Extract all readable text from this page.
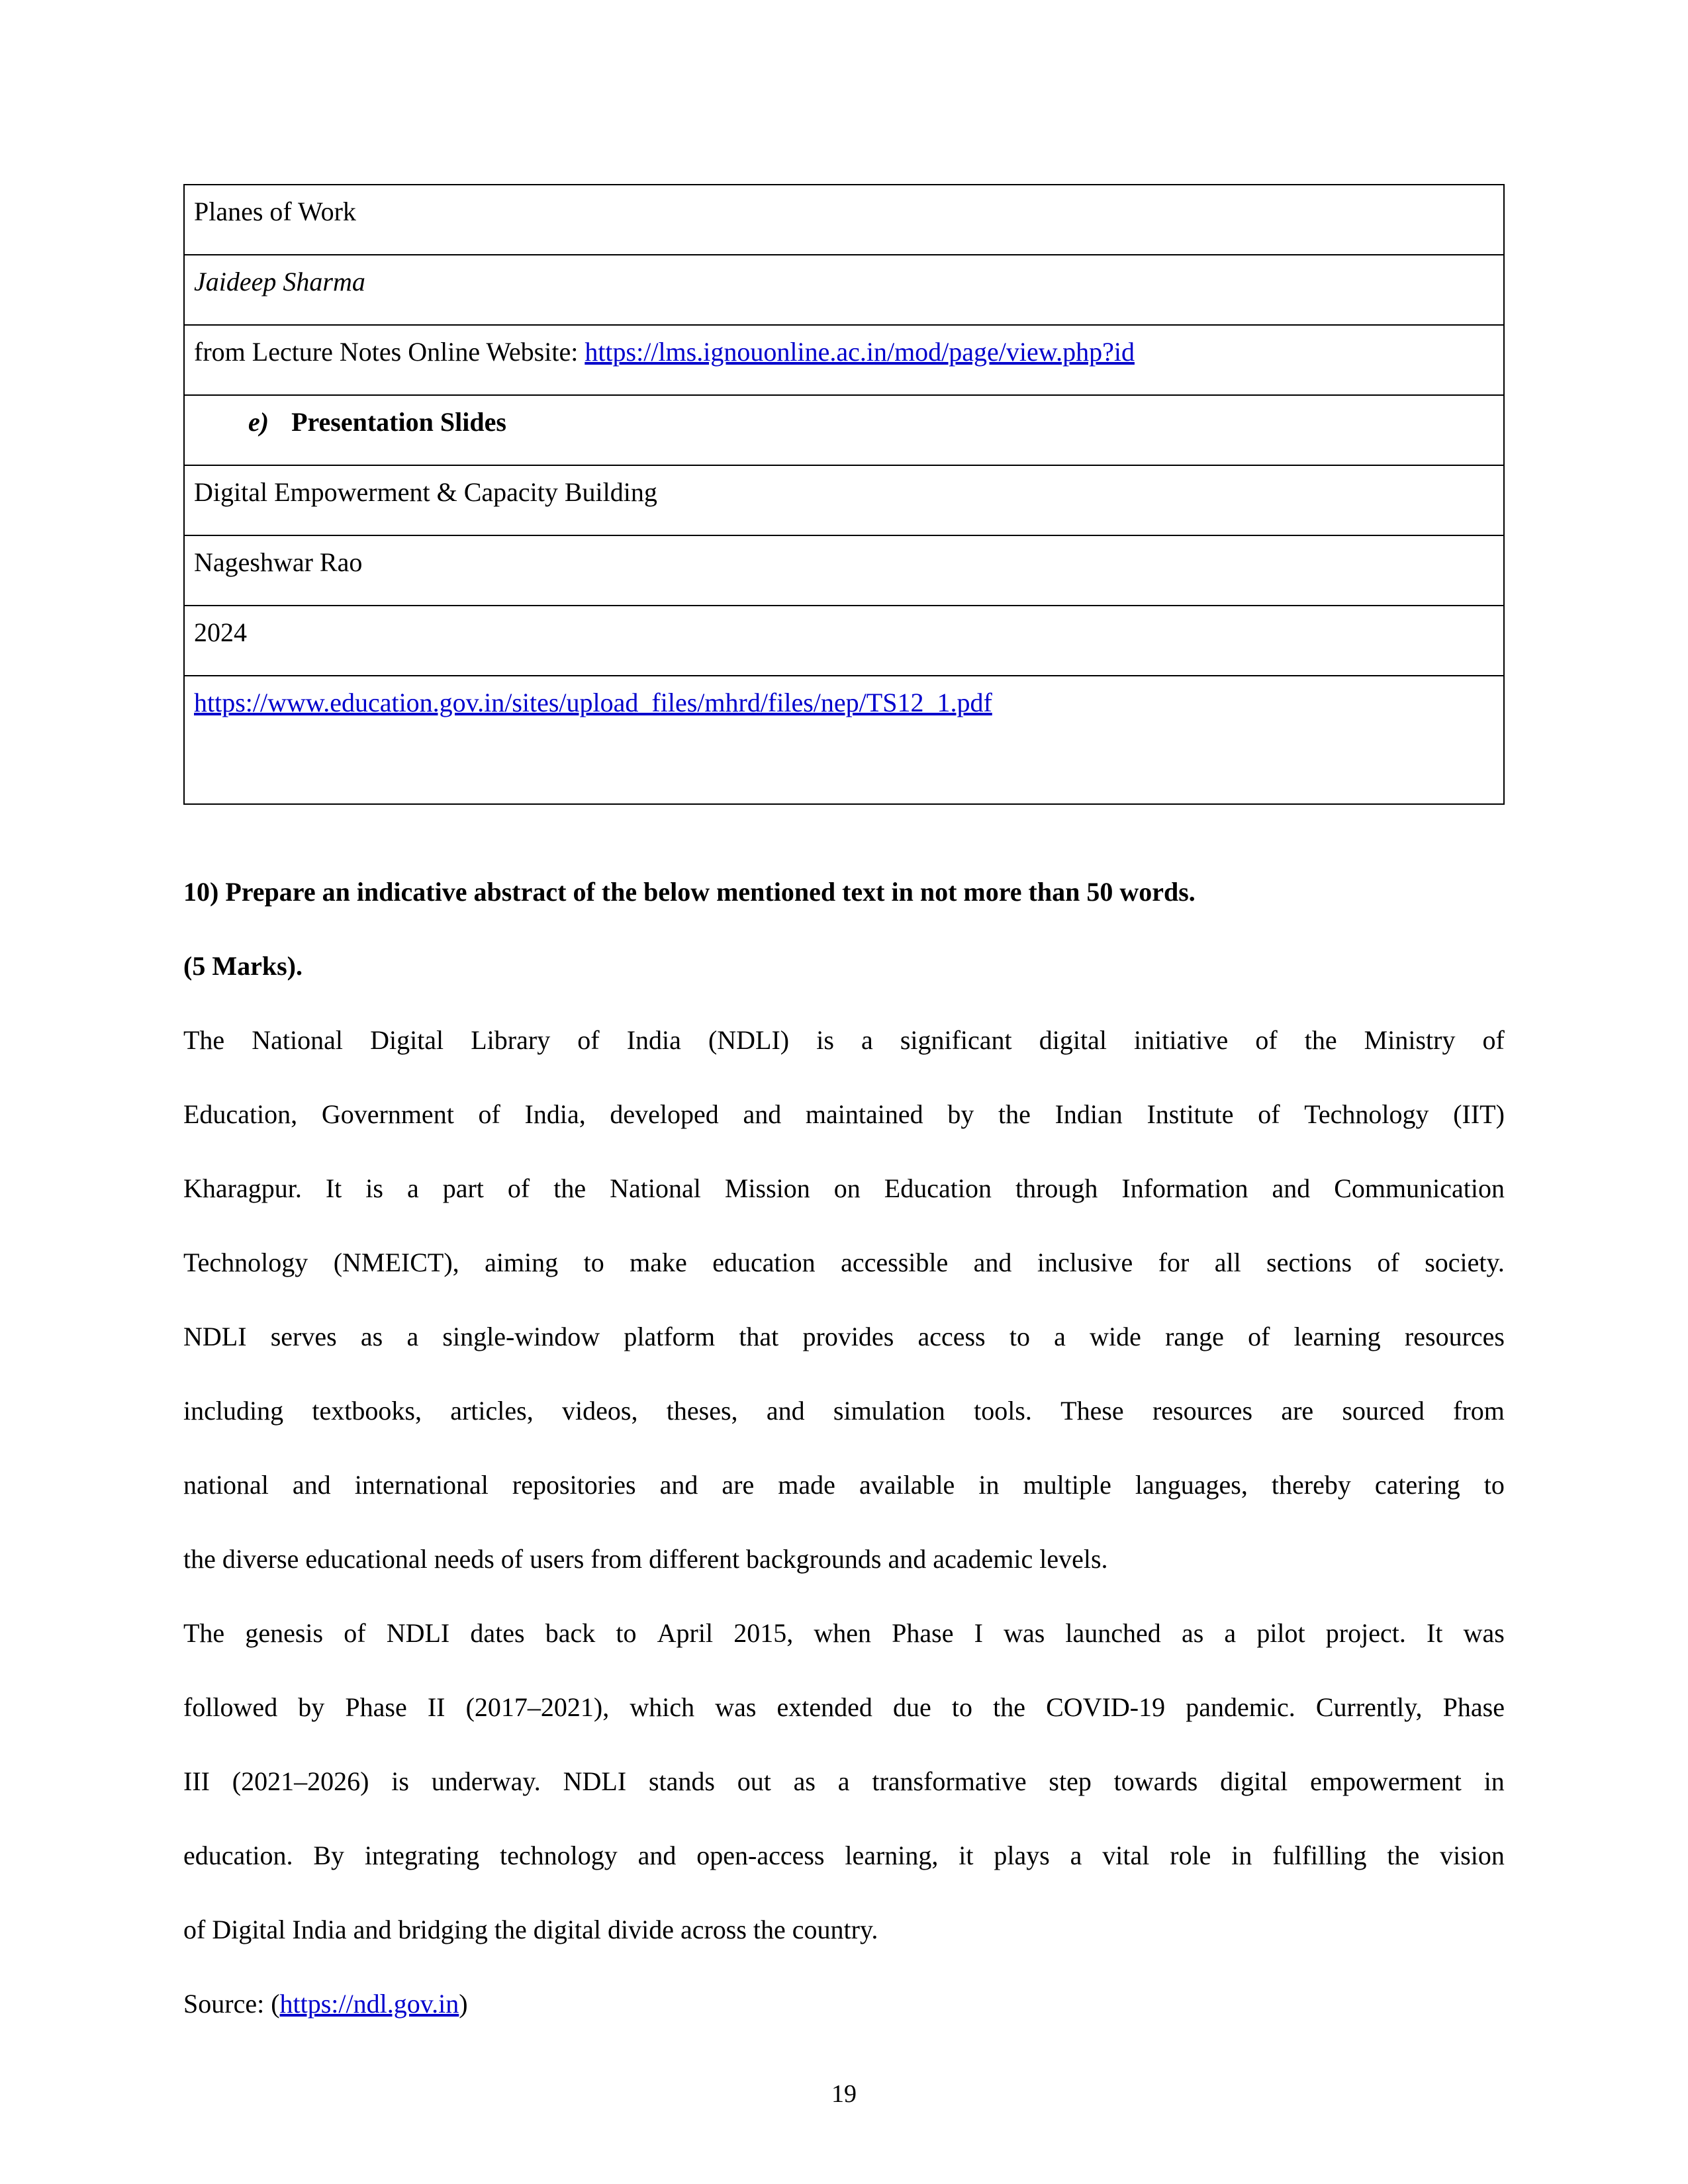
Planes of Work
Jaideep Sharma
from Lecture Notes Online Website: https://lms.ignouonline.ac.in/mod/page/view.php?id
e) Presentation Slides
Digital Empowerment & Capacity Building
Nageshwar Rao
2024
https://www.education.gov.in/sites/upload_files/mhrd/files/nep/TS12_1.pdf

10) Prepare an indicative abstract of the below mentioned text in not more than 50 words.

(5 Marks).

The National Digital Library of India (NDLI) is a significant digital initiative of the Ministry of
Education, Government of India, developed and maintained by the Indian Institute of Technology (IIT)
Kharagpur. It is a part of the National Mission on Education through Information and Communication
Technology (NMEICT), aiming to make education accessible and inclusive for all sections of society.
NDLI serves as a single-window platform that provides access to a wide range of learning resources
including textbooks, articles, videos, theses, and simulation tools. These resources are sourced from
national and international repositories and are made available in multiple languages, thereby catering to
the diverse educational needs of users from different backgrounds and academic levels.

The genesis of NDLI dates back to April 2015, when Phase I was launched as a pilot project. It was
followed by Phase II (2017–2021), which was extended due to the COVID-19 pandemic. Currently, Phase
III (2021–2026) is underway. NDLI stands out as a transformative step towards digital empowerment in
education. By integrating technology and open-access learning, it plays a vital role in fulfilling the vision
of Digital India and bridging the digital divide across the country.

Source: (https://ndl.gov.in)
19
